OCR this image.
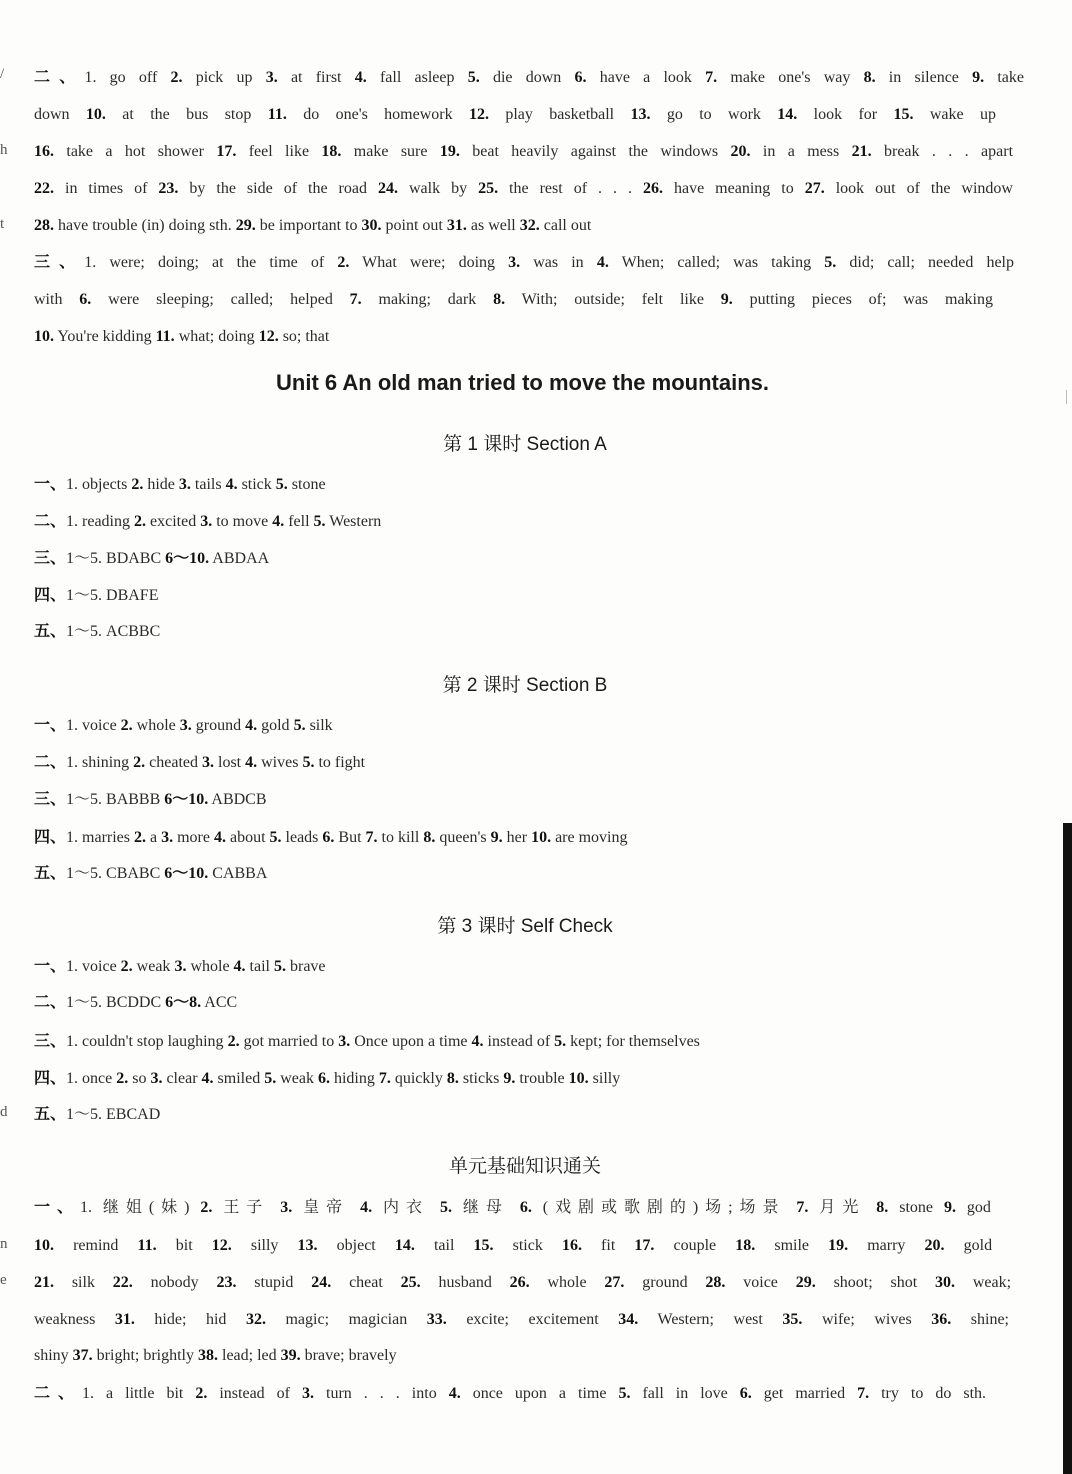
/
h
t
d
n
e
二、1. go off 2. pick up 3. at first 4. fall asleep 5. die down 6. have a look 7. make one's way 8. in silence 9. take
down 10. at the bus stop 11. do one's homework 12. play basketball 13. go to work 14. look for 15. wake up
16. take a hot shower 17. feel like 18. make sure 19. beat heavily against the windows 20. in a mess 21. break . . . apart
22. in times of 23. by the side of the road 24. walk by 25. the rest of . . . 26. have meaning to 27. look out of the window
28. have trouble (in) doing sth. 29. be important to 30. point out 31. as well 32. call out
三、1. were; doing; at the time of 2. What were; doing 3. was in 4. When; called; was taking 5. did; call; needed help
with 6. were sleeping; called; helped 7. making; dark 8. With; outside; felt like 9. putting pieces of; was making
10. You're kidding 11. what; doing 12. so; that
Unit 6 An old man tried to move the mountains.
第 1 课时 Section A
一、1. objects 2. hide 3. tails 4. stick 5. stone
二、1. reading 2. excited 3. to move 4. fell 5. Western
三、1～5. BDABC 6～10. ABDAA
四、1～5. DBAFE
五、1～5. ACBBC
第 2 课时 Section B
一、1. voice 2. whole 3. ground 4. gold 5. silk
二、1. shining 2. cheated 3. lost 4. wives 5. to fight
三、1～5. BABBB 6～10. ABDCB
四、1. marries 2. a 3. more 4. about 5. leads 6. But 7. to kill 8. queen's 9. her 10. are moving
五、1～5. CBABC 6～10. CABBA
第 3 课时 Self Check
一、1. voice 2. weak 3. whole 4. tail 5. brave
二、1～5. BCDDC 6～8. ACC
三、1. couldn't stop laughing 2. got married to 3. Once upon a time 4. instead of 5. kept; for themselves
四、1. once 2. so 3. clear 4. smiled 5. weak 6. hiding 7. quickly 8. sticks 9. trouble 10. silly
五、1～5. EBCAD
单元基础知识通关
一、1. 继姐(妹) 2. 王子 3. 皇帝 4. 内衣 5. 继母 6. (戏剧或歌剧的)场;场景 7. 月光 8. stone 9. god
10. remind 11. bit 12. silly 13. object 14. tail 15. stick 16. fit 17. couple 18. smile 19. marry 20. gold
21. silk 22. nobody 23. stupid 24. cheat 25. husband 26. whole 27. ground 28. voice 29. shoot; shot 30. weak;
weakness 31. hide; hid 32. magic; magician 33. excite; excitement 34. Western; west 35. wife; wives 36. shine;
shiny 37. bright; brightly 38. lead; led 39. brave; bravely
二、1. a little bit 2. instead of 3. turn . . . into 4. once upon a time 5. fall in love 6. get married 7. try to do sth.
